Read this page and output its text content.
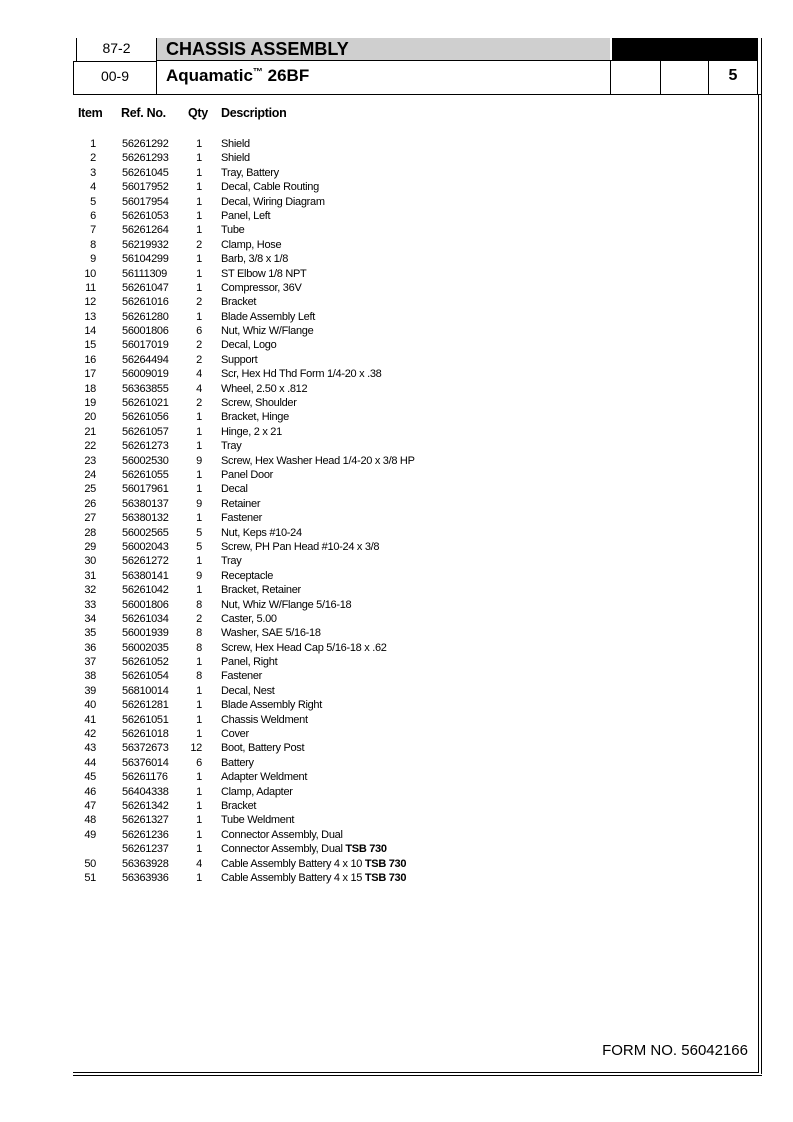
87-2
00-9
CHASSIS ASSEMBLY
Aquamatic™ 26BF	5
Item Ref. No. Qty Description
1 56261292	1 Shield
2 56261293	1 Shield
3 56261045	1 Tray, Battery
4 56017952	1 Decal, Cable Routing
5 56017954	1 Decal, Wiring Diagram
6 56261053	1 Panel, Left
7 56261264	1 Tube
8 56219932	2 Clamp, Hose
9 56104299	1 Barb, 3/8 x 1/8
10 56111309	1 ST Elbow 1/8 NPT
11 56261047	1 Compressor, 36V
12 56261016	2 Bracket
13 56261280	1 Blade Assembly Left
14 56001806	6 Nut, Whiz W/Flange
15 56017019	2 Decal, Logo
16 56264494	2 Support
17 56009019	4 Scr, Hex Hd Thd Form 1/4-20 x .38
18 56363855	4 Wheel, 2.50 x .812
19 56261021	2 Screw, Shoulder
20 56261056	1 Bracket, Hinge
21 56261057	1 Hinge, 2 x 21
22 56261273	1 Tray
23 56002530	9 Screw, Hex Washer Head 1/4-20 x 3/8 HP
24 56261055	1 Panel Door
25 56017961	1 Decal
26 56380137	9 Retainer
27 56380132	1 Fastener
28 56002565	5 Nut, Keps #10-24
29 56002043	5 Screw, PH Pan Head #10-24 x 3/8
30 56261272	1 Tray
31 56380141	9 Receptacle
32 56261042	1 Bracket, Retainer
33 56001806	8 Nut, Whiz W/Flange 5/16-18
34 56261034	2 Caster, 5.00
35 56001939	8 Washer, SAE 5/16-18
36 56002035	8 Screw, Hex Head Cap 5/16-18 x .62
37 56261052	1 Panel, Right
38 56261054	8 Fastener
39 56810014	1 Decal, Nest
40 56261281	1 Blade Assembly Right
41 56261051	1 Chassis Weldment
42 56261018	1 Cover
43 56372673	12 Boot, Battery Post
44 56376014	6 Battery
45 56261176	1 Adapter Weldment
46 56404338	1 Clamp, Adapter
47 56261342	1 Bracket
48 56261327	1 Tube Weldment
49 56261236	1 Connector Assembly, Dual
56261237	1 Connector Assembly, Dual TSB 730
50 56363928	4 Cable Assembly Battery 4 x 10 TSB 730
51 56363936	1 Cable Assembly Battery 4 x 15 TSB 730
FORM NO. 56042166
